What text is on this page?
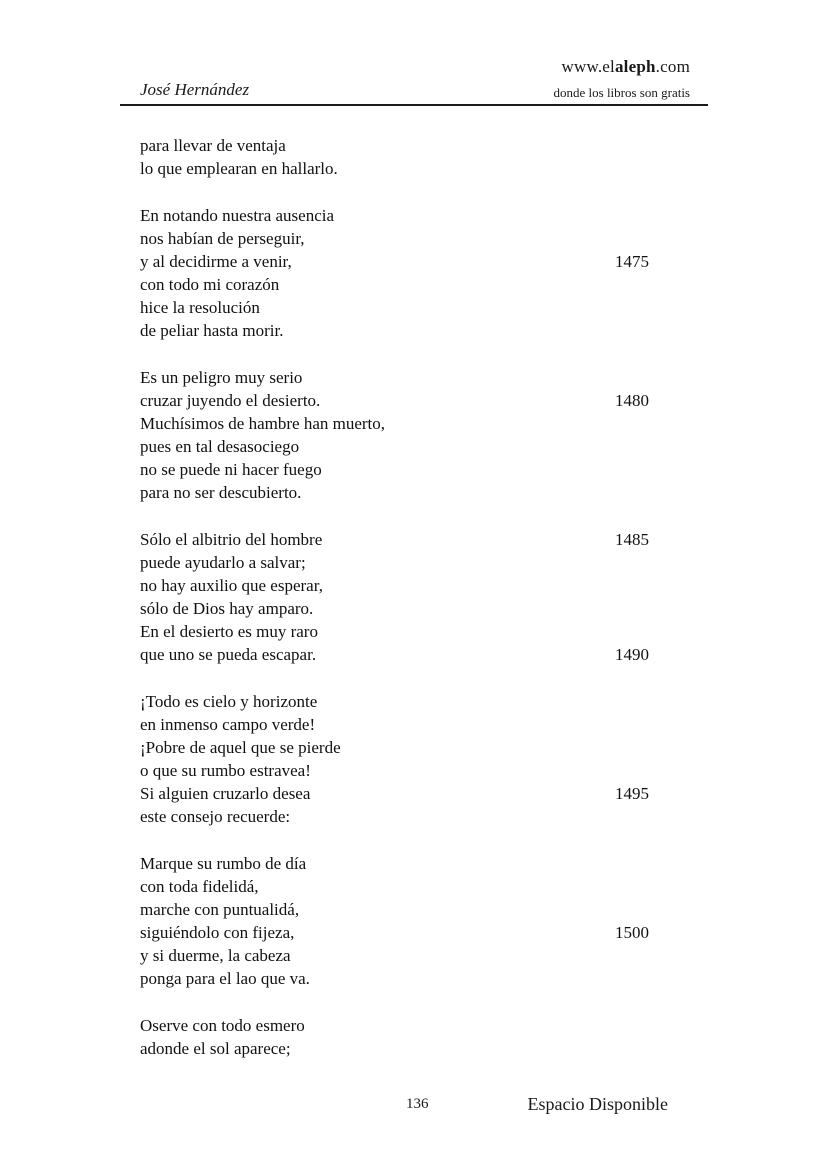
www.elaleph.com
José Hernández	donde los libros son gratis
para llevar de ventaja
lo que emplearan en hallarlo.
En notando nuestra ausencia
nos habían de perseguir,
y al decidirme a venir,	1475
con todo mi corazón
hice la resolución
de peliar hasta morir.
Es un peligro muy serio
cruzar juyendo el desierto.	1480
Muchísimos de hambre han muerto,
pues en tal desasociego
no se puede ni hacer fuego
para no ser descubierto.
Sólo el albitrio del hombre	1485
puede ayudarlo a salvar;
no hay auxilio que esperar,
sólo de Dios hay amparo.
En el desierto es muy raro
que uno se pueda escapar.	1490
¡Todo es cielo y horizonte
en inmenso campo verde!
¡Pobre de aquel que se pierde
o que su rumbo estravea!
Si alguien cruzarlo desea	1495
este consejo recuerde:
Marque su rumbo de día
con toda fidelidá,
marche con puntualidá,
siguiéndolo con fijeza,	1500
y si duerme, la cabeza
ponga para el lao que va.
Oserve con todo esmero
adonde el sol aparece;
136	Espacio Disponible
